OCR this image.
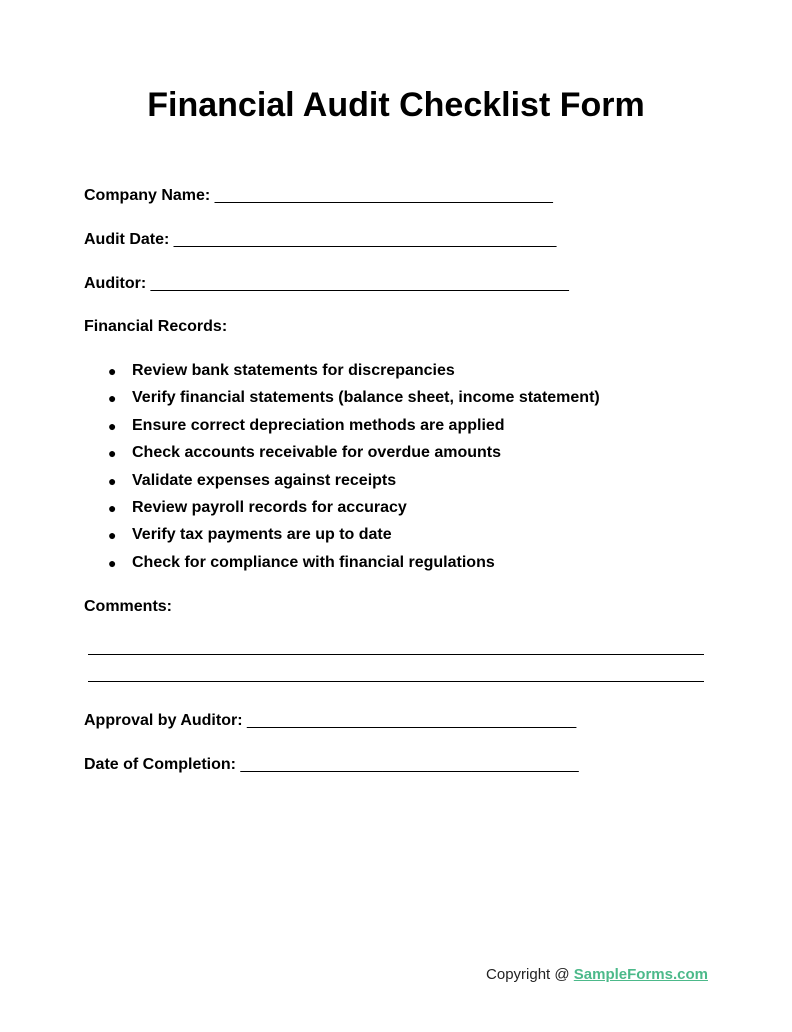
Financial Audit Checklist Form
Company Name: ______________________________________
Audit Date: ___________________________________________
Auditor: _______________________________________________
Financial Records:
● Review bank statements for discrepancies
● Verify financial statements (balance sheet, income statement)
● Ensure correct depreciation methods are applied
● Check accounts receivable for overdue amounts
● Validate expenses against receipts
● Review payroll records for accuracy
● Verify tax payments are up to date
● Check for compliance with financial regulations
Comments:
Approval by Auditor: _____________________________________
Date of Completion: ______________________________________
Copyright @ SampleForms.com
